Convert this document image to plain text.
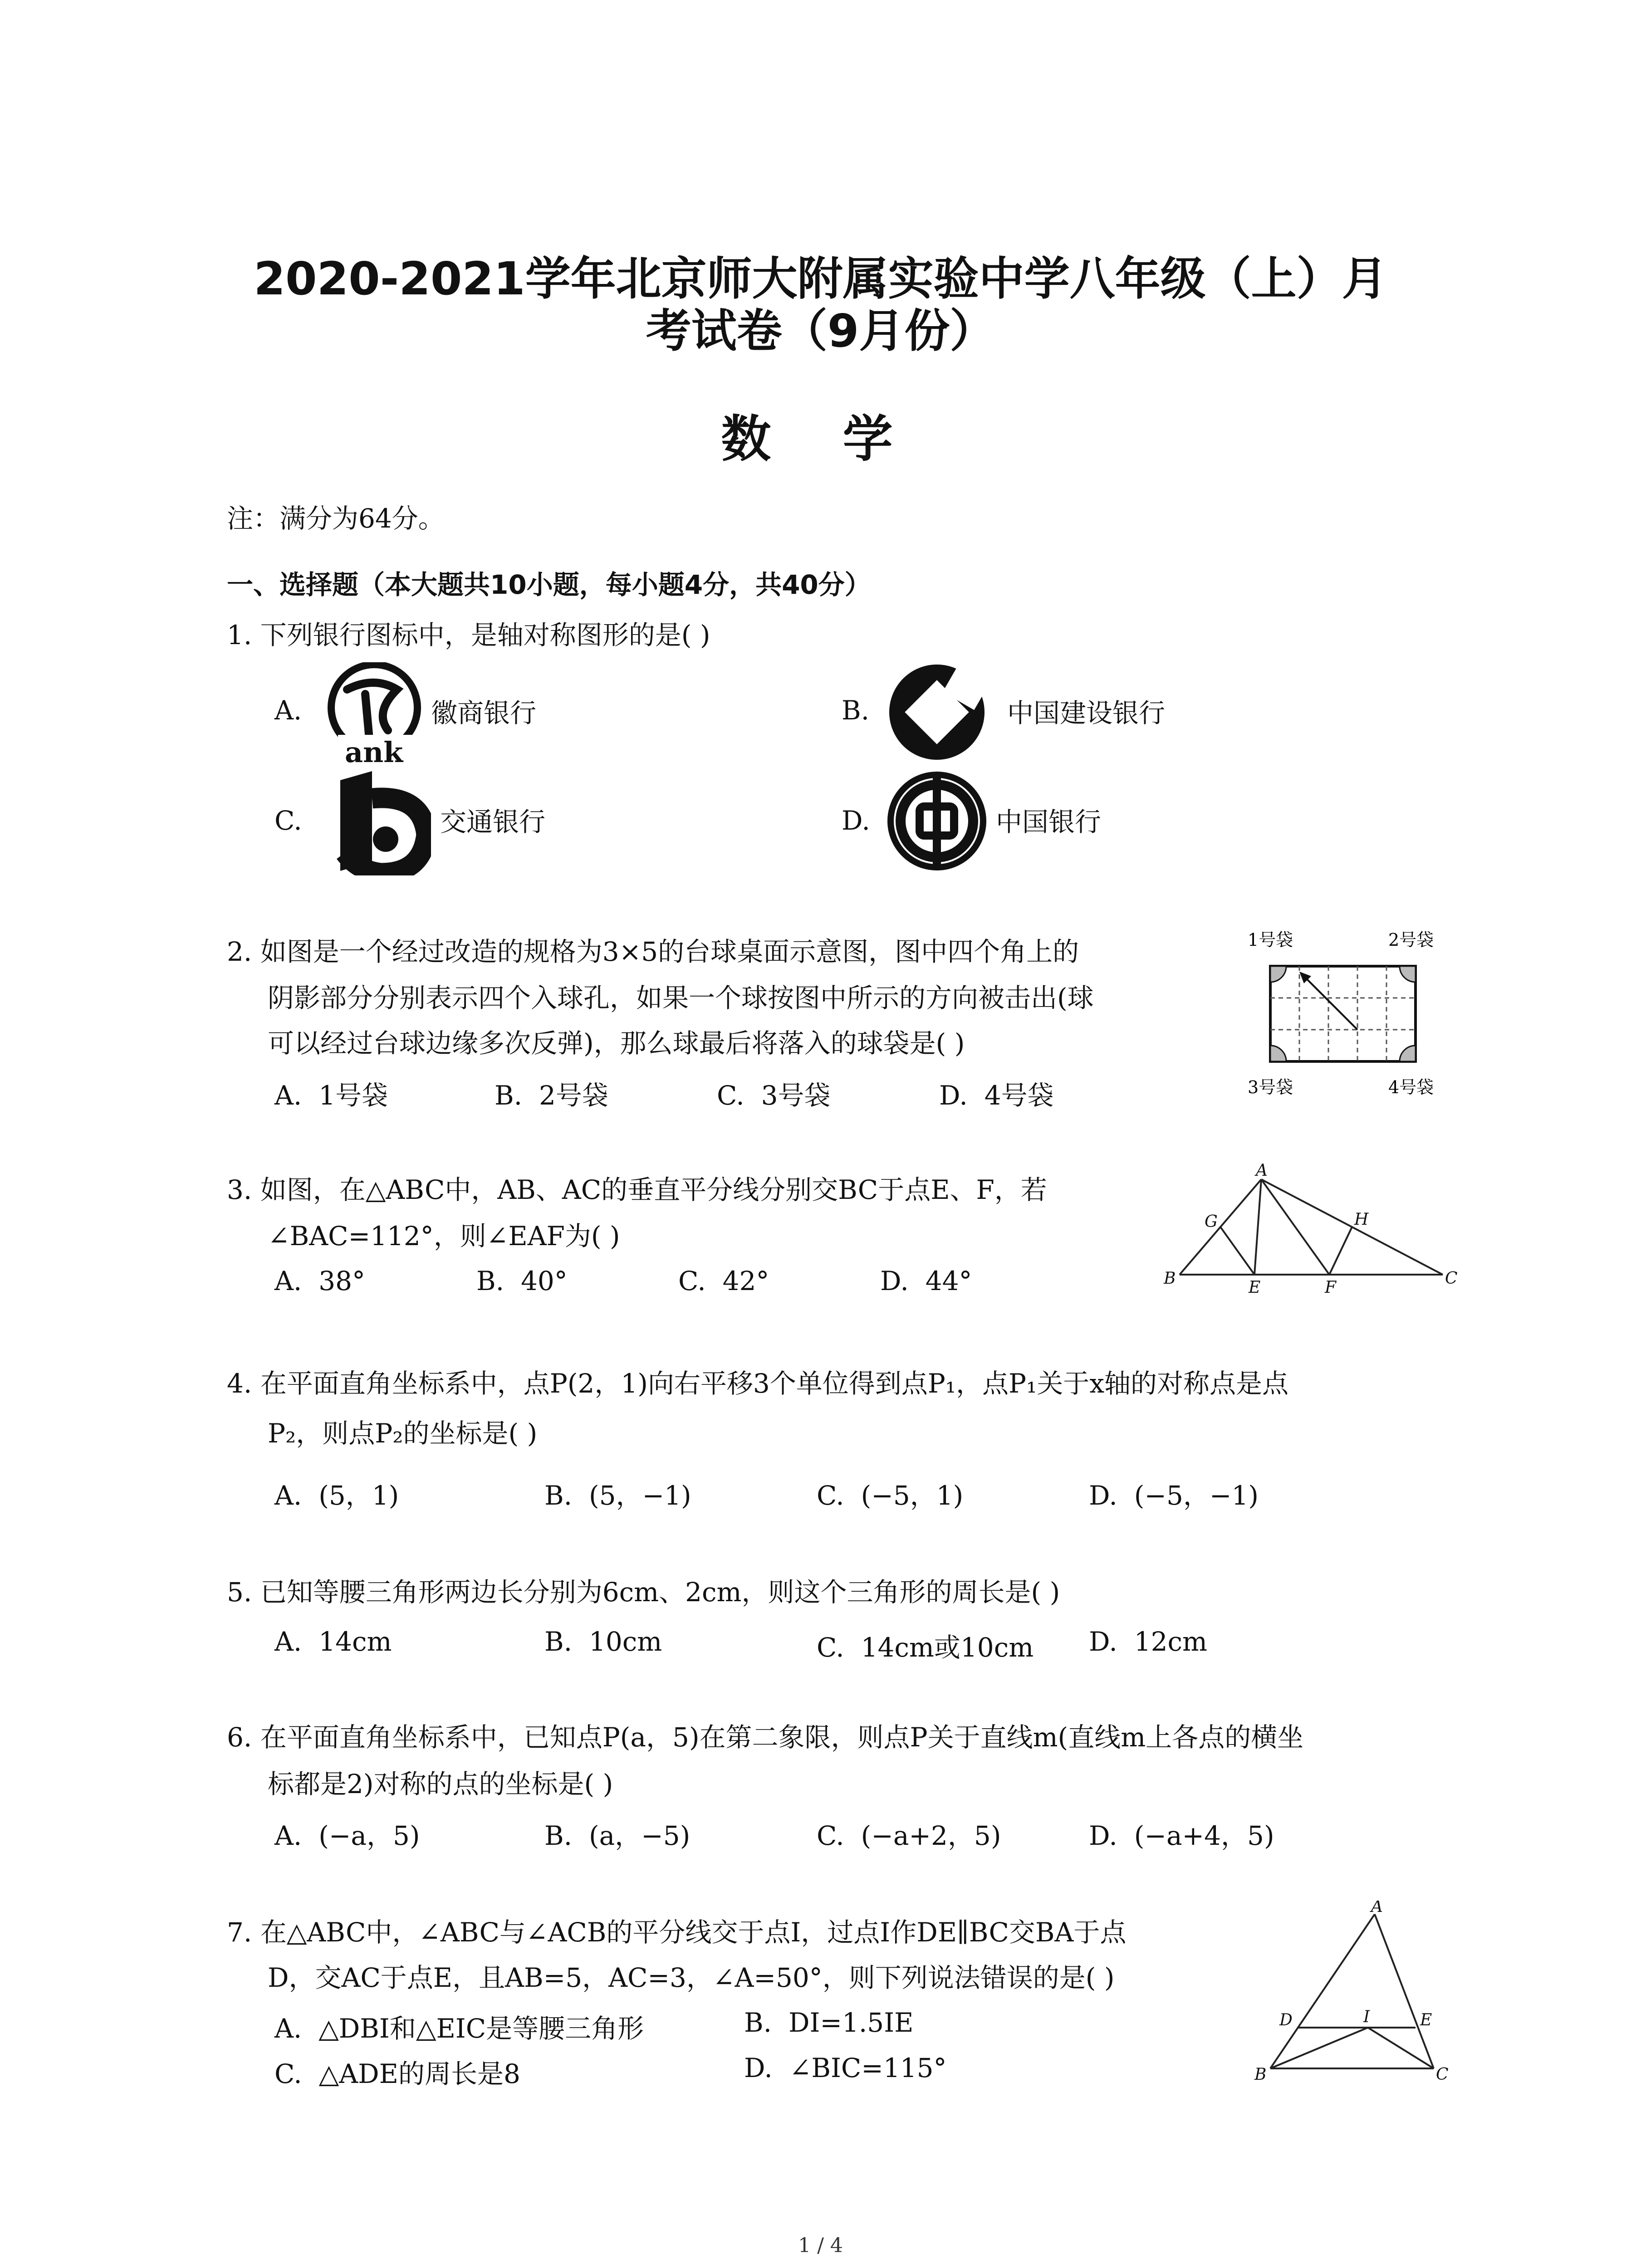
2020-2021学年北京师大附属实验中学八年级（上）月
考试卷（9月份）
数 学
注：满分为64分。
一、选择题（本大题共10小题，每小题4分，共40分）
1. 下列银行图标中，是轴对称图形的是( )
A.
ank
徽商银行	B.	中国建设银行
C.	交通银行	D.	中国银行
2. 如图是一个经过改造的规格为3×5的台球桌面示意图，图中四个角上的
阴影部分分别表示四个入球孔，如果一个球按图中所示的方向被击出(球
可以经过台球边缘多次反弹)，那么球最后将落入的球袋是( )
A. 1号袋	B. 2号袋	C. 3号袋	D. 4号袋
1号袋	2号袋
3号袋	4号袋
3. 如图，在△ABC中，AB、AC的垂直平分线分别交BC于点E、F，若
∠BAC=112°，则∠EAF为( )
A. 38°	B. 40°	C. 42°	D. 44°
A
G	H
B	E	F	C
4. 在平面直角坐标系中，点P(2，1)向右平移3个单位得到点P₁，点P₁关于x轴的对称点是点
P₂，则点P₂的坐标是( )
A. (5，1)	B. (5，−1)	C. (−5，1)	D. (−5，−1)
5. 已知等腰三角形两边长分别为6cm、2cm，则这个三角形的周长是( )
A. 14cm	B. 10cm	C. 14cm或10cm D. 12cm
6. 在平面直角坐标系中，已知点P(a，5)在第二象限，则点P关于直线m(直线m上各点的横坐
标都是2)对称的点的坐标是( )
A. (−a，5)	B. (a，−5)	C. (−a+2，5)	D. (−a+4，5)
7. 在△ABC中，∠ABC与∠ACB的平分线交于点I，过点I作DE∥BC交BA于点
D，交AC于点E，且AB=5，AC=3，∠A=50°，则下列说法错误的是( )
A. △DBI和△EIC是等腰三角形	B. DI=1.5IE
C. △ADE的周长是8	D. ∠BIC=115°
A
D	I	E
B	C
1 / 4
